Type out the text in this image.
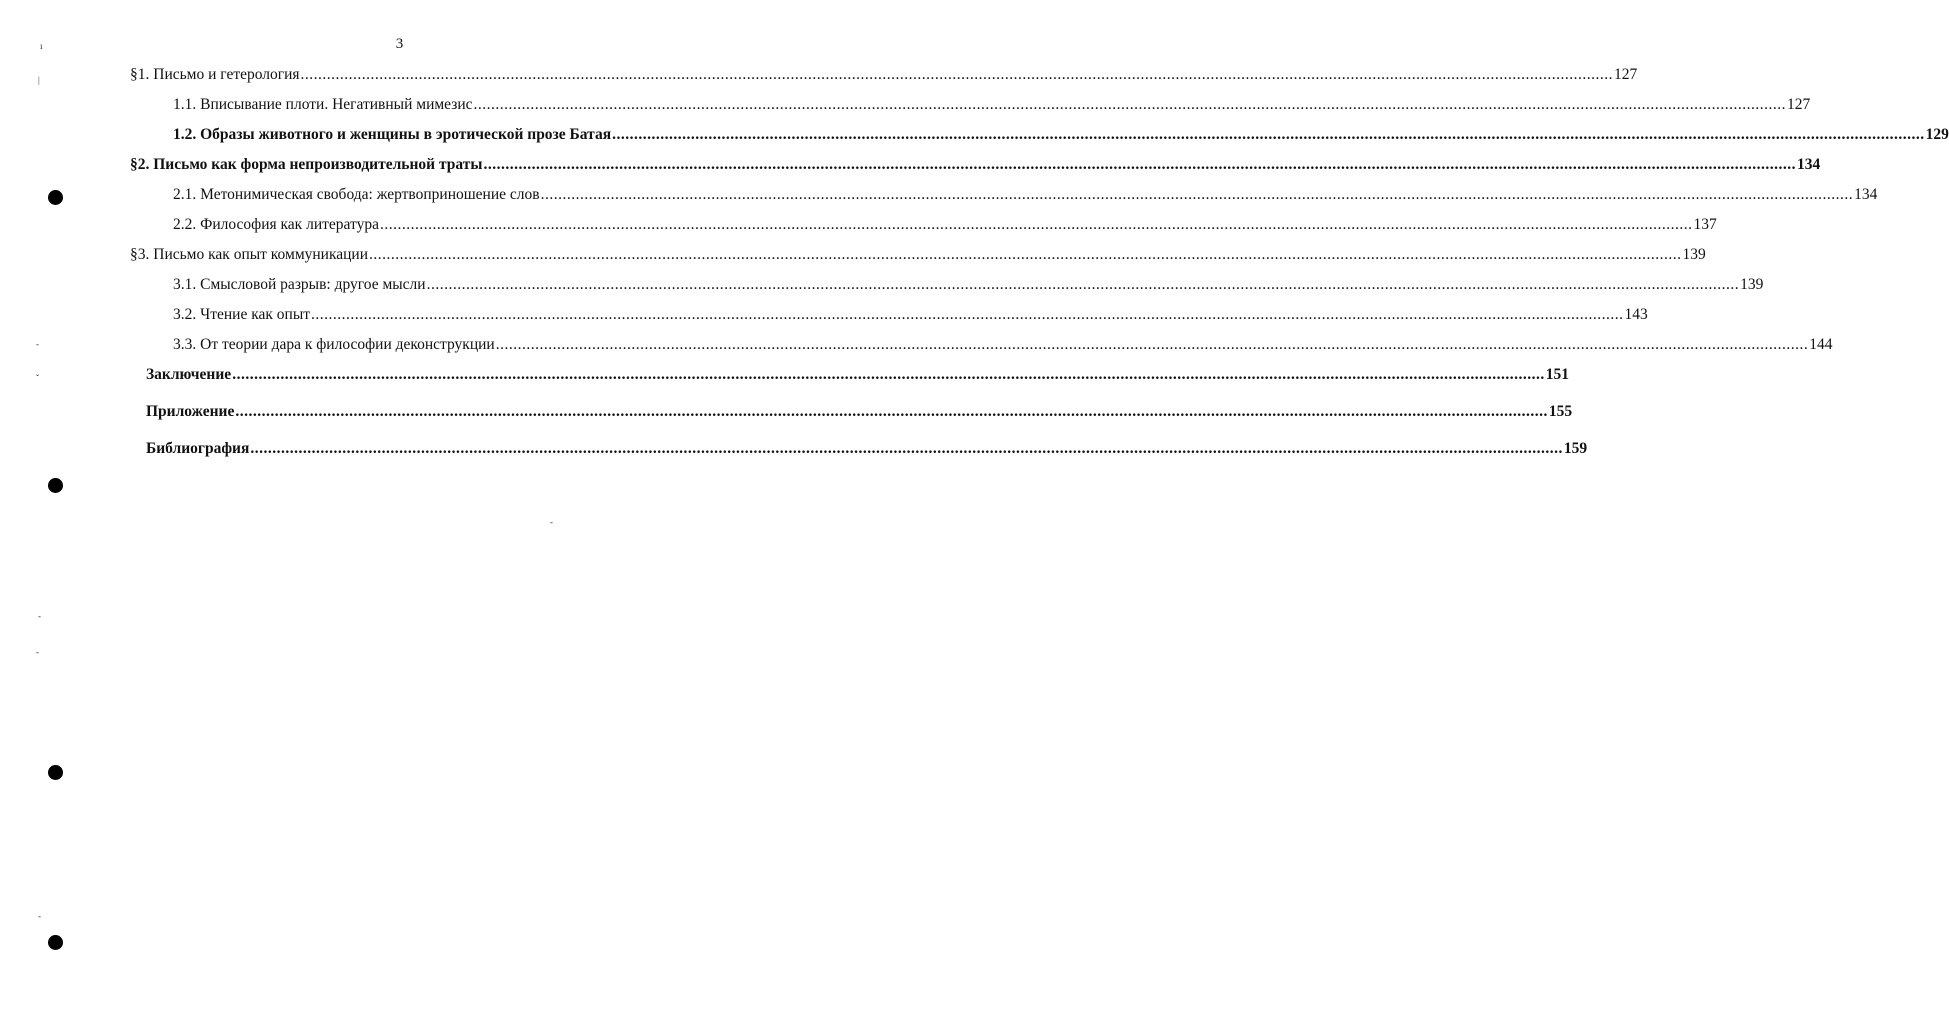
3
§1. Письмо и гетерология ............................................................................................................................................................................................................................................................................................................ 127
1.1. Вписывание плоти. Негативный мимезис ............................................................................................................................................................................................................................................................................................................ 127
1.2. Образы животного и женщины в эротической прозе Батая ............................................................................................................................................................................................................................................................................................................ 129
§2. Письмо как форма непроизводительной траты ............................................................................................................................................................................................................................................................................................................ 134
2.1. Метонимическая свобода: жертвоприношение слов ............................................................................................................................................................................................................................................................................................................ 134
2.2. Философия как литература ............................................................................................................................................................................................................................................................................................................ 137
§3. Письмо как опыт коммуникации ............................................................................................................................................................................................................................................................................................................ 139
3.1. Смысловой разрыв: другое мысли ............................................................................................................................................................................................................................................................................................................ 139
3.2. Чтение как опыт ............................................................................................................................................................................................................................................................................................................ 143
3.3. От теории дара к философии деконструкции ............................................................................................................................................................................................................................................................................................................ 144
Заключение ............................................................................................................................................................................................................................................................................................................ 151
Приложение ............................................................................................................................................................................................................................................................................................................ 155
Библиография ............................................................................................................................................................................................................................................................................................................ 159
ı
|
-
ˇ
-
-
-
-
